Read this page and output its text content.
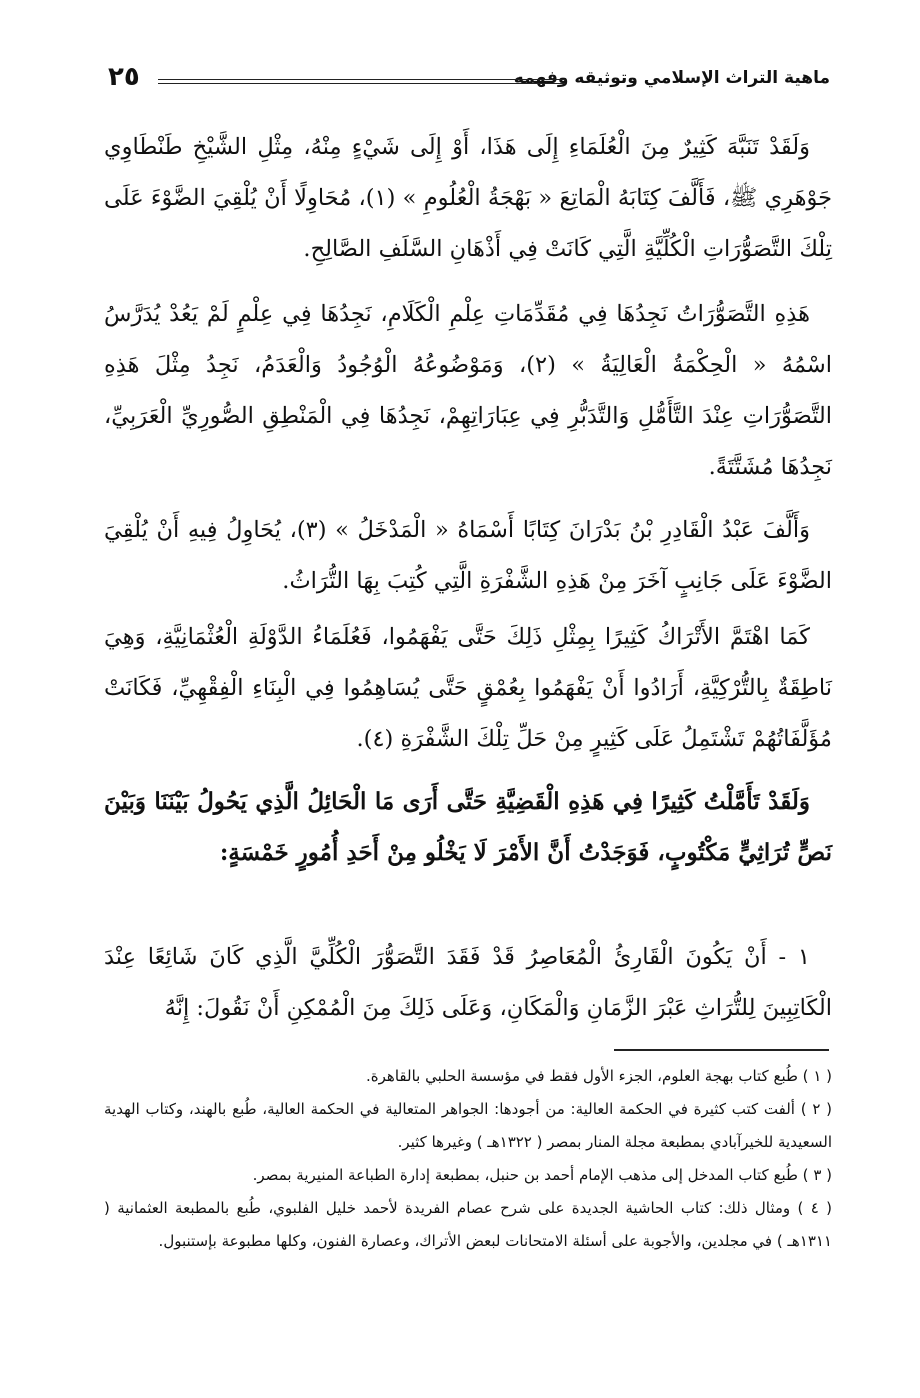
ماهية التراث الإسلامي وتوثيقه وفهمه
٢٥

وَلَقَدْ تَنَبَّهَ كَثِيرٌ مِنَ الْعُلَمَاءِ إِلَى هَذَا، أَوْ إِلَى شَيْءٍ مِنْهُ، مِثْلِ الشَّيْخِ طَنْطَاوِي جَوْهَرِي ﷺ، فَأَلَّفَ كِتَابَهُ الْمَاتِعَ « بَهْجَةُ الْعُلُومِ » (١)، مُحَاوِلًا أَنْ يُلْقِيَ الضَّوْءَ عَلَى تِلْكَ التَّصَوُّرَاتِ الْكُلِّيَّةِ الَّتِي كَانَتْ فِي أَذْهَانِ السَّلَفِ الصَّالِحِ.

هَذِهِ التَّصَوُّرَاتُ نَجِدُهَا فِي مُقَدِّمَاتِ عِلْمِ الْكَلَامِ، نَجِدُهَا فِي عِلْمٍ لَمْ يَعُدْ يُدَرَّسُ اسْمُهُ « الْحِكْمَةُ الْعَالِيَةُ » (٢)، وَمَوْضُوعُهُ الْوُجُودُ وَالْعَدَمُ، نَجِدُ مِثْلَ هَذِهِ التَّصَوُّرَاتِ عِنْدَ التَّأَمُّلِ وَالتَّدَبُّرِ فِي عِبَارَاتِهِمْ، نَجِدُهَا فِي الْمَنْطِقِ الصُّورِيِّ الْعَرَبِيِّ، نَجِدُهَا مُشَتَّتَةً.

وَأَلَّفَ عَبْدُ الْقَادِرِ بْنُ بَدْرَانَ كِتَابًا أَسْمَاهُ « الْمَدْخَلُ » (٣)، يُحَاوِلُ فِيهِ أَنْ يُلْقِيَ الضَّوْءَ عَلَى جَانِبٍ آخَرَ مِنْ هَذِهِ الشَّفْرَةِ الَّتِي كُتِبَ بِهَا التُّرَاثُ.

كَمَا اهْتَمَّ الأَتْرَاكُ كَثِيرًا بِمِثْلِ ذَلِكَ حَتَّى يَفْهَمُوا، فَعُلَمَاءُ الدَّوْلَةِ الْعُثْمَانِيَّةِ، وَهِيَ نَاطِقَةٌ بِالتُّرْكِيَّةِ، أَرَادُوا أَنْ يَفْهَمُوا بِعُمْقٍ حَتَّى يُسَاهِمُوا فِي الْبِنَاءِ الْفِقْهِيِّ، فَكَانَتْ مُؤَلَّفَاتُهُمْ تَشْتَمِلُ عَلَى كَثِيرٍ مِنْ حَلِّ تِلْكَ الشَّفْرَةِ (٤).

وَلَقَدْ تَأَمَّلْتُ كَثِيرًا فِي هَذِهِ الْقَضِيَّةِ حَتَّى أَرَى مَا الْحَائِلُ الَّذِي يَحُولُ بَيْنَنَا وَبَيْنَ نَصٍّ تُرَاثِيٍّ مَكْتُوبٍ، فَوَجَدْتُ أَنَّ الأَمْرَ لَا يَخْلُو مِنْ أَحَدِ أُمُورٍ خَمْسَةٍ:

١ - أَنْ يَكُونَ الْقَارِئُ الْمُعَاصِرُ قَدْ فَقَدَ التَّصَوُّرَ الْكُلِّيَّ الَّذِي كَانَ شَائِعًا عِنْدَ الْكَاتِبِينَ لِلتُّرَاثِ عَبْرَ الزَّمَانِ وَالْمَكَانِ، وَعَلَى ذَلِكَ مِنَ الْمُمْكِنِ أَنْ نَقُولَ: إِنَّهُ

( ١ ) طُبع كتاب بهجة العلوم، الجزء الأول فقط في مؤسسة الحلبي بالقاهرة.

( ٢ ) ألفت كتب كثيرة في الحكمة العالية: من أجودها: الجواهر المتعالية في الحكمة العالية، طُبع بالهند، وكتاب الهدية السعيدية للخيرآبادي بمطبعة مجلة المنار بمصر ( ١٣٢٢هـ ) وغيرها كثير.

( ٣ ) طُبع كتاب المدخل إلى مذهب الإمام أحمد بن حنبل، بمطبعة إدارة الطباعة المنيرية بمصر.

( ٤ ) ومثال ذلك: كتاب الحاشية الجديدة على شرح عصام الفريدة لأحمد خليل الفلبوي، طُبع بالمطبعة العثمانية ( ١٣١١هـ ) في مجلدين، والأجوبة على أسئلة الامتحانات لبعض الأتراك، وعصارة الفنون، وكلها مطبوعة بإستنبول.
